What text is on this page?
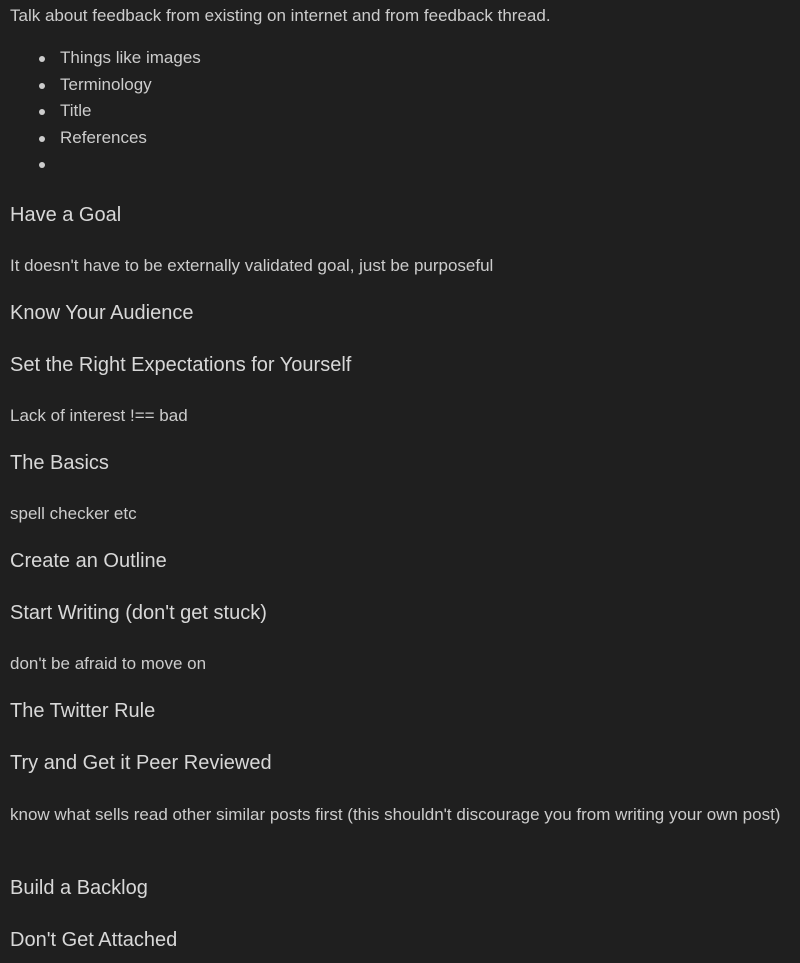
Talk about feedback from existing on internet and from feedback thread.

Things like images
Terminology
Title
References
Have a Goal

It doesn't have to be externally validated goal, just be purposeful

Know Your Audience
Set the Right Expectations for Yourself

Lack of interest !== bad

The Basics

spell checker etc

Create an Outline
Start Writing (don't get stuck)

don't be afraid to move on

The Twitter Rule
Try and Get it Peer Reviewed

know what sells read other similar posts first (this shouldn't discourage you from writing your own post)

Build a Backlog
Don't Get Attached
